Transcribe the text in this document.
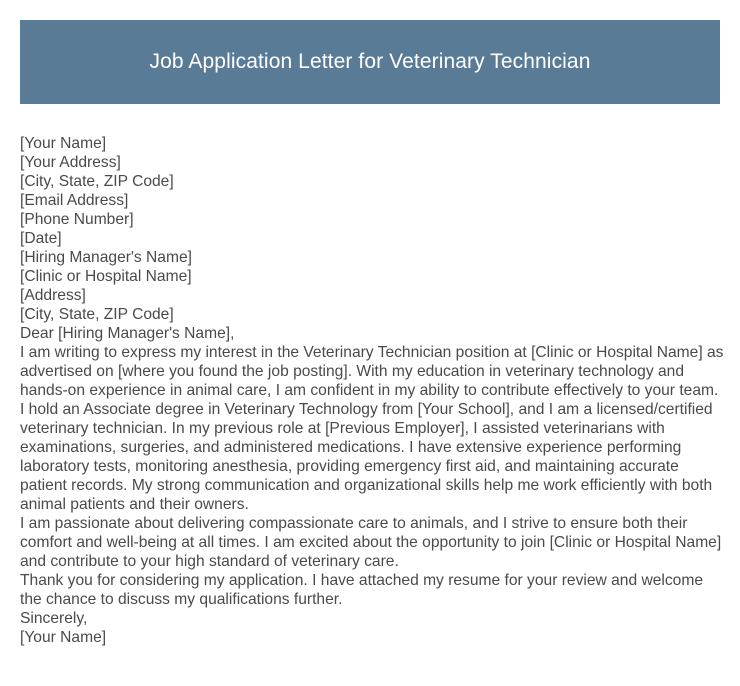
Job Application Letter for Veterinary Technician
[Your Name]
[Your Address]
[City, State, ZIP Code]
[Email Address]
[Phone Number]
[Date]
[Hiring Manager's Name]
[Clinic or Hospital Name]
[Address]
[City, State, ZIP Code]
Dear [Hiring Manager's Name],
I am writing to express my interest in the Veterinary Technician position at [Clinic or Hospital Name] as advertised on [where you found the job posting]. With my education in veterinary technology and hands-on experience in animal care, I am confident in my ability to contribute effectively to your team.
I hold an Associate degree in Veterinary Technology from [Your School], and I am a licensed/certified veterinary technician. In my previous role at [Previous Employer], I assisted veterinarians with examinations, surgeries, and administered medications. I have extensive experience performing laboratory tests, monitoring anesthesia, providing emergency first aid, and maintaining accurate patient records. My strong communication and organizational skills help me work efficiently with both animal patients and their owners.
I am passionate about delivering compassionate care to animals, and I strive to ensure both their comfort and well-being at all times. I am excited about the opportunity to join [Clinic or Hospital Name] and contribute to your high standard of veterinary care.
Thank you for considering my application. I have attached my resume for your review and welcome the chance to discuss my qualifications further.
Sincerely,
[Your Name]
